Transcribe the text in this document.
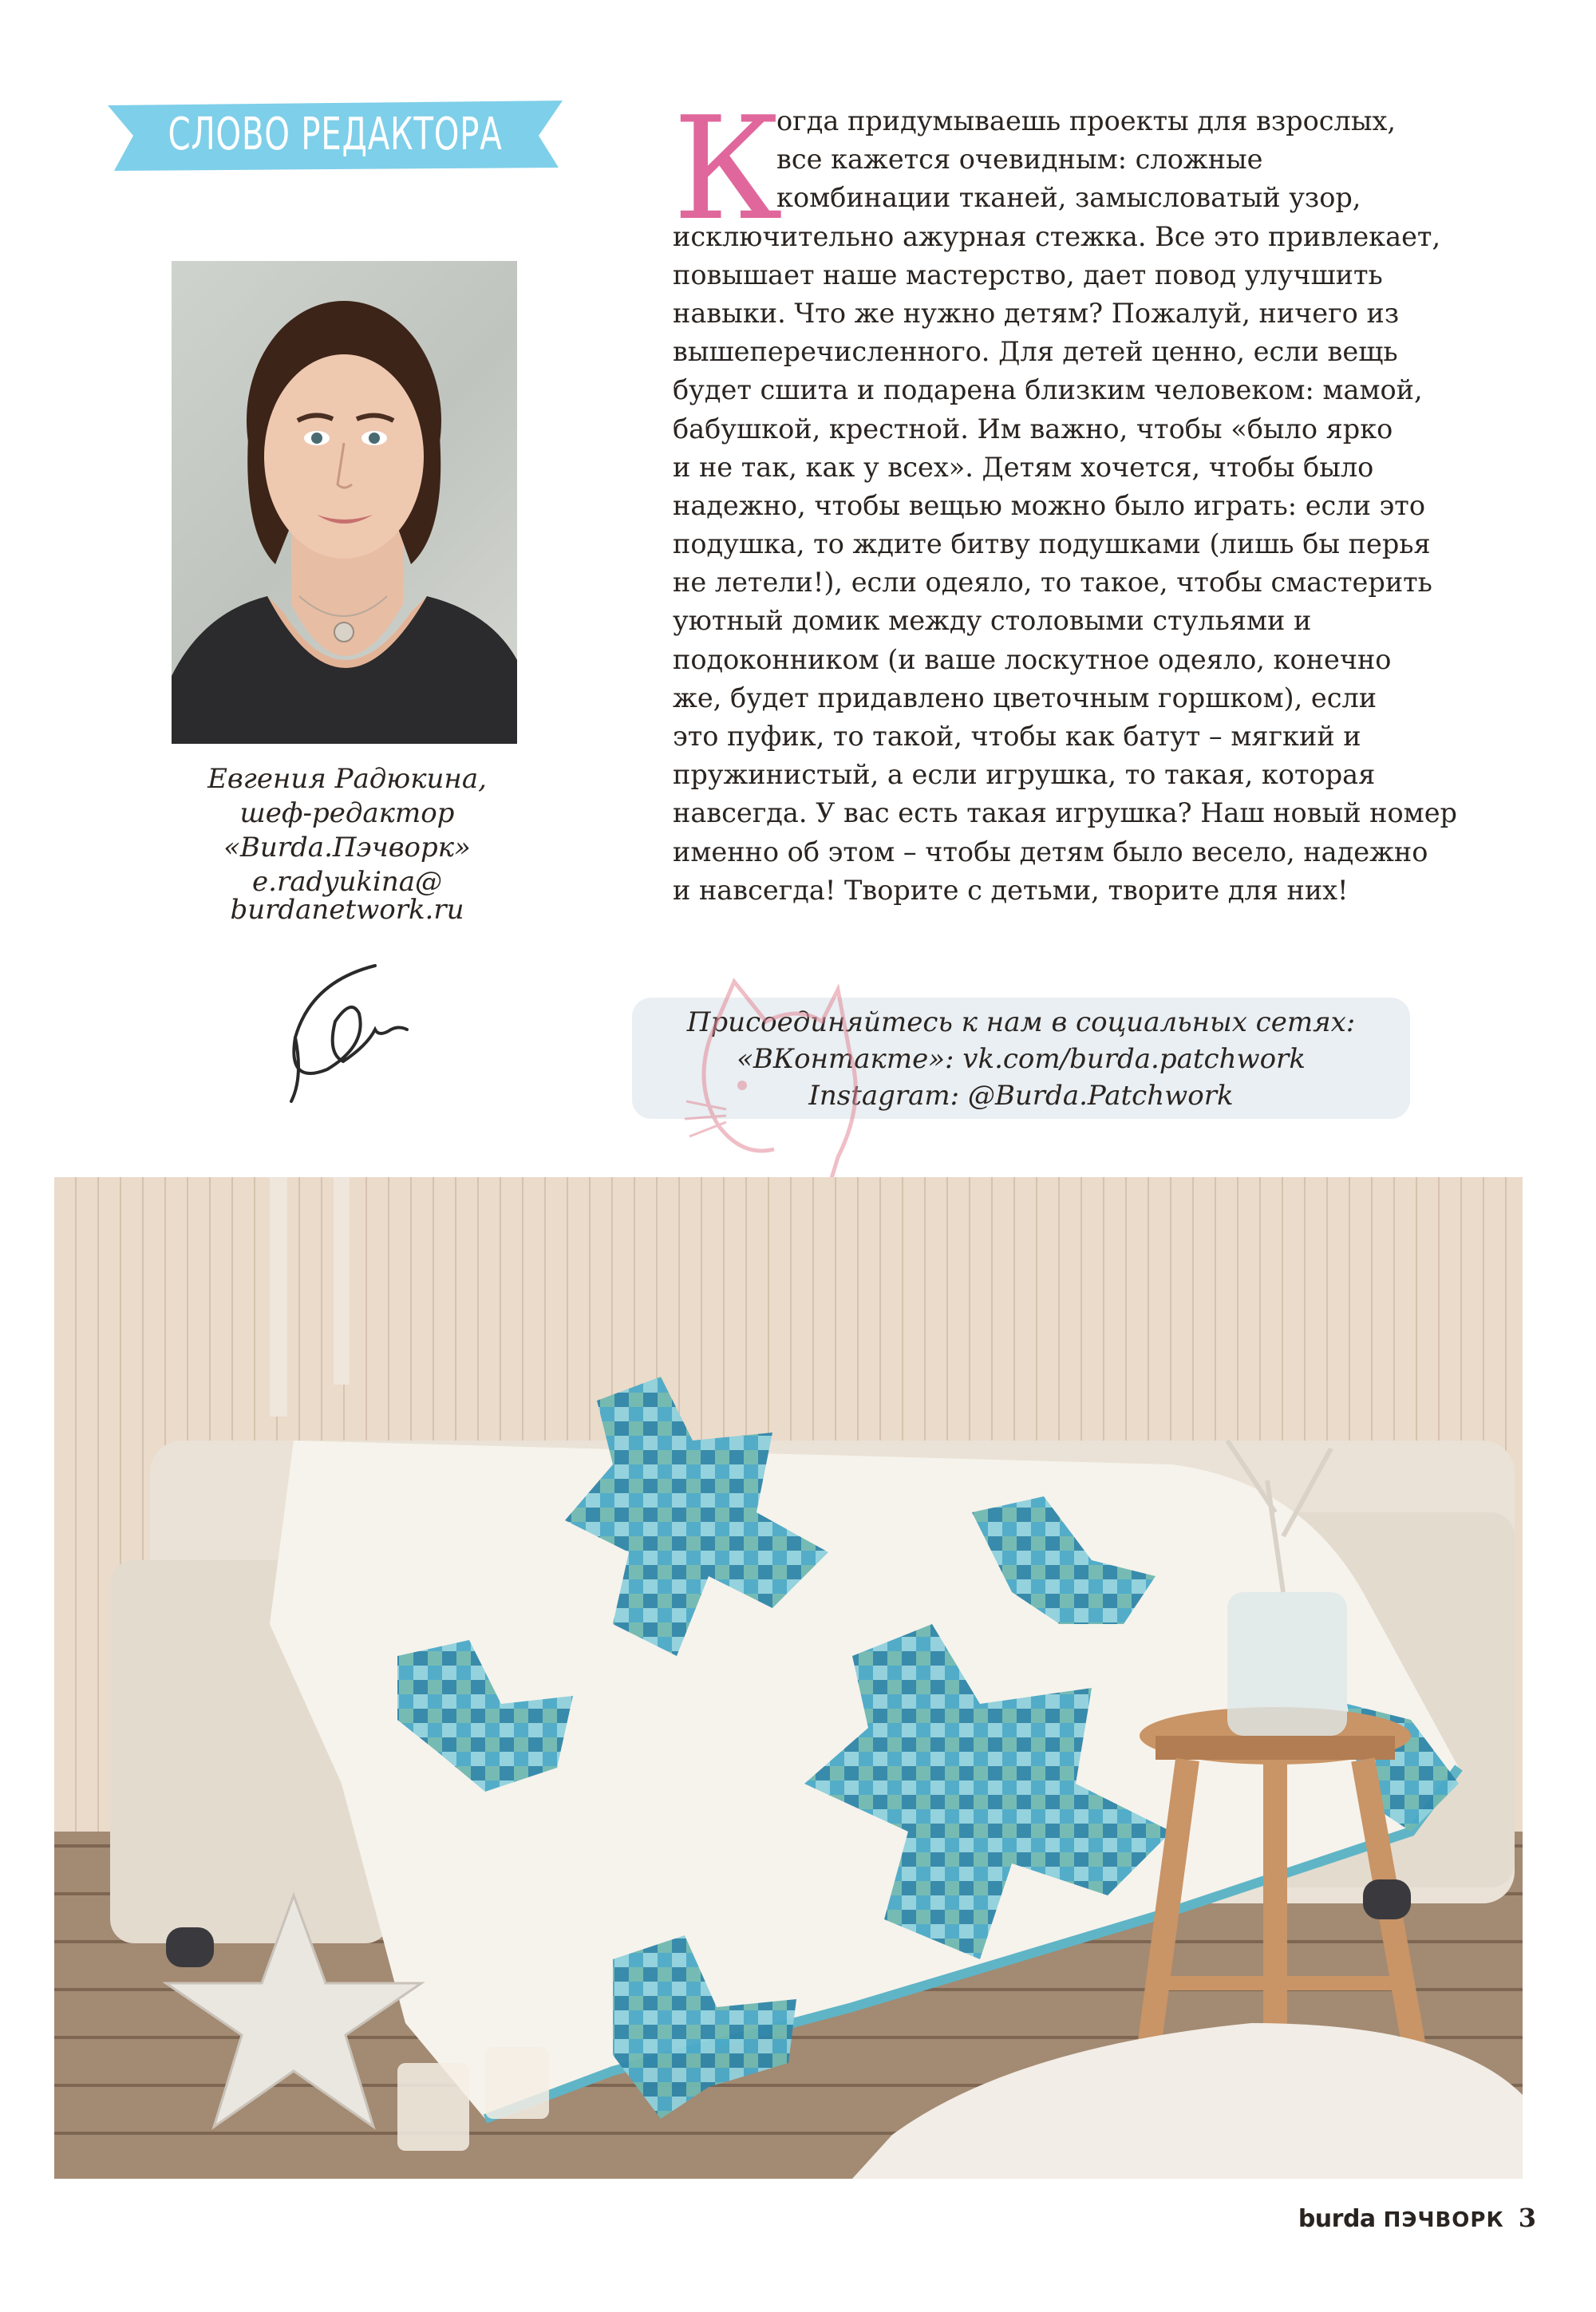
СЛОВО РЕДАКТОРА
Евгения Радюкина,
шеф-редактор
«Burda.Пэчворк»
e.radyukina@
burdanetwork.ru
К
огда придумываешь проекты для взрослых,
все кажется очевидным: сложные
комбинации тканей, замысловатый узор,
исключительно ажурная стежка. Все это привлекает,
повышает наше мастерство, дает повод улучшить
навыки. Что же нужно детям? Пожалуй, ничего из
вышеперечисленного. Для детей ценно, если вещь
будет сшита и подарена близким человеком: мамой,
бабушкой, крестной. Им важно, чтобы «было ярко
и не так, как у всех». Детям хочется, чтобы было
надежно, чтобы вещью можно было играть: если это
подушка, то ждите битву подушками (лишь бы перья
не летели!), если одеяло, то такое, чтобы смастерить
уютный домик между столовыми стульями и
подоконником (и ваше лоскутное одеяло, конечно
же, будет придавлено цветочным горшком), если
это пуфик, то такой, чтобы как батут – мягкий и
пружинистый, а если игрушка, то такая, которая
навсегда. У вас есть такая игрушка? Наш новый номер
именно об этом – чтобы детям было весело, надежно
и навсегда! Творите с детьми, творите для них!
Присоединяйтесь к нам в социальных сетях:
«ВКонтакте»: vk.com/burda.patchwork
Instagram: @Burda.Patchwork
burda ПЭЧВОРК 3
